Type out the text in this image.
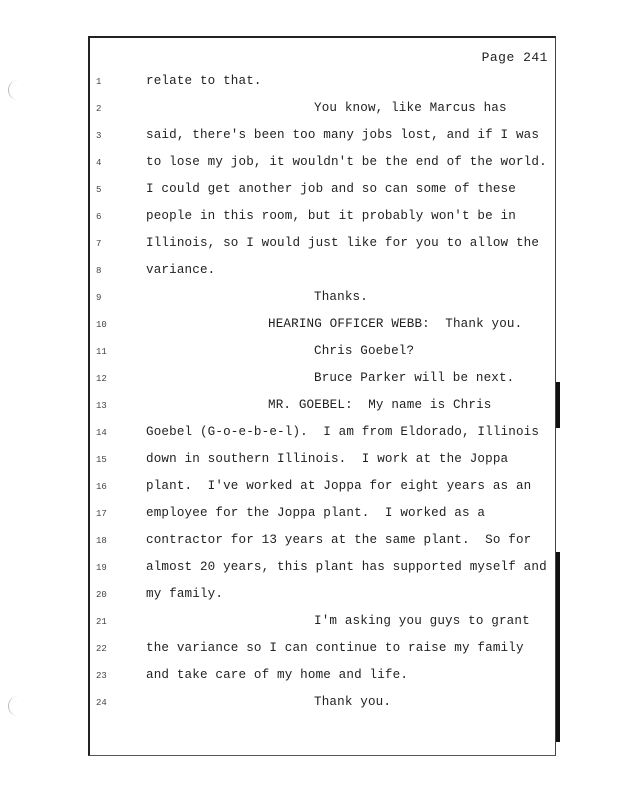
Page 241
1
2
3
4
5
6
7
8
9
10
11
12
13
14
15
16
17
18
19
20
21
22
23
24
relate to that.
You know, like Marcus has
said, there's been too many jobs lost, and if I was
to lose my job, it wouldn't be the end of the world.
I could get another job and so can some of these
people in this room, but it probably won't be in
Illinois, so I would just like for you to allow the
variance.
Thanks.
HEARING OFFICER WEBB:  Thank you.
Chris Goebel?
Bruce Parker will be next.
MR. GOEBEL:  My name is Chris
Goebel (G-o-e-b-e-l).  I am from Eldorado, Illinois
down in southern Illinois.  I work at the Joppa
plant.  I've worked at Joppa for eight years as an
employee for the Joppa plant.  I worked as a
contractor for 13 years at the same plant.  So for
almost 20 years, this plant has supported myself and
my family.
I'm asking you guys to grant
the variance so I can continue to raise my family
and take care of my home and life.
Thank you.
